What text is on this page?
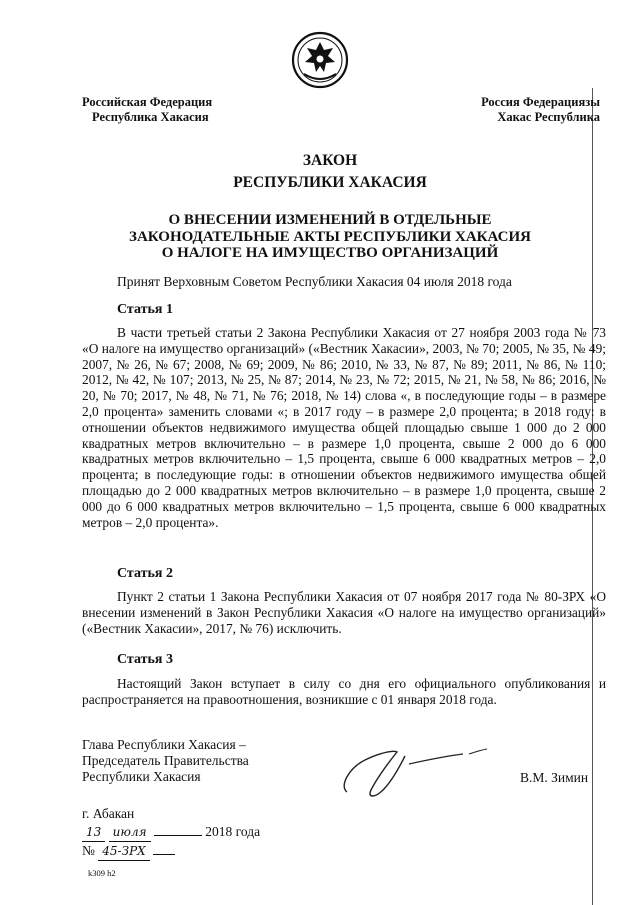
Российская Федерация
Республика Хакасия
Россия Федерациязы
Хакас Республика
ЗАКОН
РЕСПУБЛИКИ ХАКАСИЯ
О ВНЕСЕНИИ ИЗМЕНЕНИЙ В ОТДЕЛЬНЫЕ
ЗАКОНОДАТЕЛЬНЫЕ АКТЫ РЕСПУБЛИКИ ХАКАСИЯ
О НАЛОГЕ НА ИМУЩЕСТВО ОРГАНИЗАЦИЙ
Принят Верховным Советом Республики Хакасия 04 июля 2018 года
Статья 1
В части третьей статьи 2 Закона Республики Хакасия от 27 ноября 2003 года № 73 «О налоге на имущество организаций» («Вестник Хакасии», 2003, № 70; 2005, № 35, № 49; 2007, № 26, № 67; 2008, № 69; 2009, № 86; 2010, № 33, № 87, № 89; 2011, № 86, № 110; 2012, № 42, № 107; 2013, № 25, № 87; 2014, № 23, № 72; 2015, № 21, № 58, № 86; 2016, № 20, № 70; 2017, № 48, № 71, № 76; 2018, № 14) слова «, в последующие годы – в размере 2,0 процента» заменить словами «; в 2017 году – в размере 2,0 процента; в 2018 году: в отношении объектов недвижимого имущества общей площадью свыше 1 000 до 2 000 квадратных метров включительно – в размере 1,0 процента, свыше 2 000 до 6 000 квадратных метров включительно – 1,5 процента, свыше 6 000 квадратных метров – 2,0 процента; в последующие годы: в отношении объектов недвижимого имущества общей площадью до 2 000 квадратных метров включительно – в размере 1,0 процента, свыше 2 000 до 6 000 квадратных метров включительно – 1,5 процента, свыше 6 000 квадратных метров – 2,0 процента».
Статья 2
Пункт 2 статьи 1 Закона Республики Хакасия от 07 ноября 2017 года № 80-ЗРХ «О внесении изменений в Закон Республики Хакасия «О налоге на имущество организаций» («Вестник Хакасии», 2017, № 76) исключить.
Статья 3
Настоящий Закон вступает в силу со дня его официального опубликования и распространяется на правоотношения, возникшие с 01 января 2018 года.
Глава Республики Хакасия –
Председатель Правительства
Республики Хакасия	В.М. Зимин
г. Абакан
13 июля	2018 года
№ 45-ЗРХ
k309 h2
